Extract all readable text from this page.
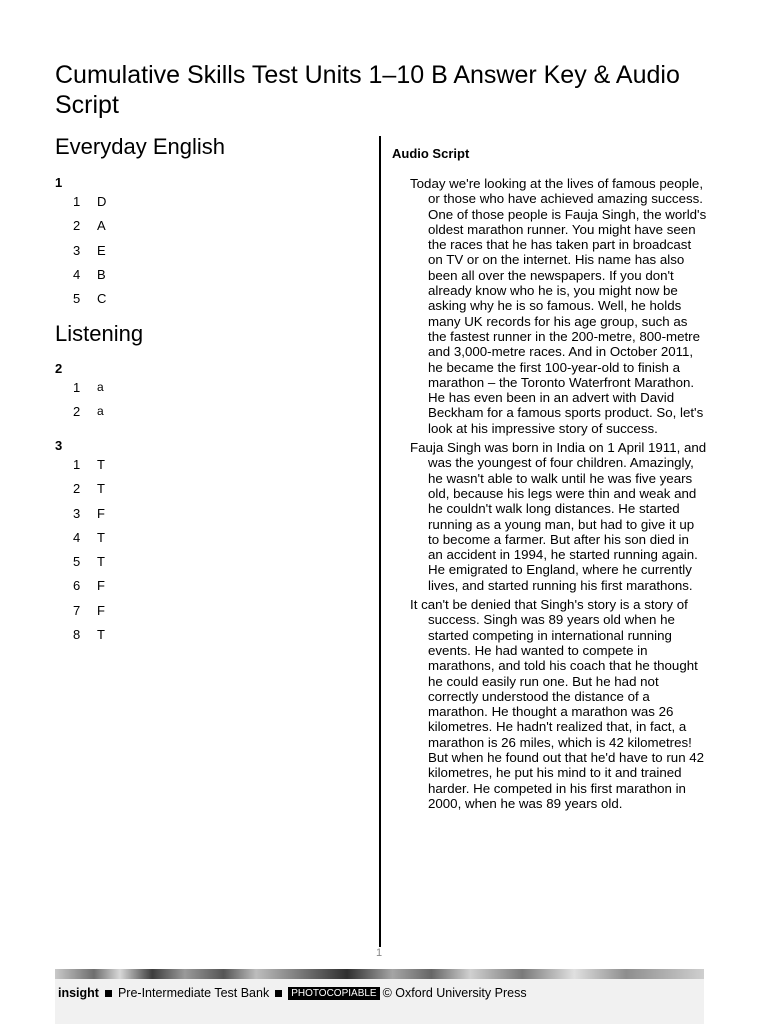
Cumulative Skills Test Units 1–10 B Answer Key & Audio Script
Everyday English
1
1	D
2	A
3	E
4	B
5	C
Listening
2
1	a
2	a
3
1	T
2	T
3	F
4	T
5	T
6	F
7	F
8	T
Audio Script

Today we're looking at the lives of famous people, or those who have achieved amazing success. One of those people is Fauja Singh, the world's oldest marathon runner. You might have seen the races that he has taken part in broadcast on TV or on the internet. His name has also been all over the newspapers. If you don't already know who he is, you might now be asking why he is so famous. Well, he holds many UK records for his age group, such as the fastest runner in the 200-metre, 800-metre and 3,000-metre races. And in October 2011, he became the first 100-year-old to finish a marathon – the Toronto Waterfront Marathon. He has even been in an advert with David Beckham for a famous sports product. So, let's look at his impressive story of success.

Fauja Singh was born in India on 1 April 1911, and was the youngest of four children. Amazingly, he wasn't able to walk until he was five years old, because his legs were thin and weak and he couldn't walk long distances. He started running as a young man, but had to give it up to become a farmer. But after his son died in an accident in 1994, he started running again. He emigrated to England, where he currently lives, and started running his first marathons.

It can't be denied that Singh's story is a story of success. Singh was 89 years old when he started competing in international running events. He had wanted to compete in marathons, and told his coach that he thought he could easily run one. But he had not correctly understood the distance of a marathon. He thought a marathon was 26 kilometres. He hadn't realized that, in fact, a marathon is 26 miles, which is 42 kilometres! But when he found out that he'd have to run 42 kilometres, he put his mind to it and trained harder. He competed in his first marathon in 2000, when he was 89 years old.

1
insight Pre-Intermediate Test Bank	PHOTOCOPIABLE © Oxford University Press
